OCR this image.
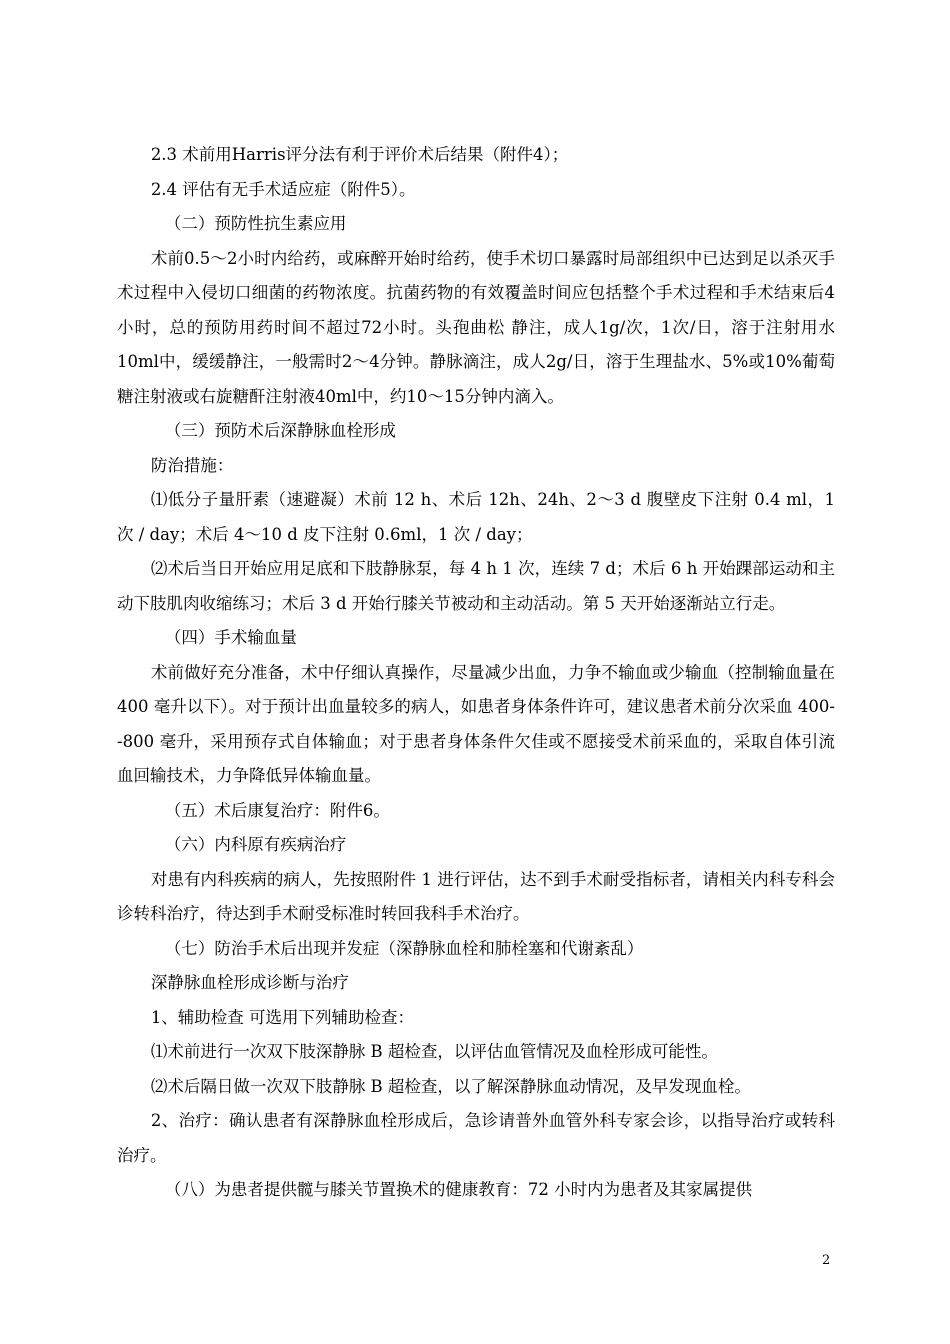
2.3 术前用Harris评分法有利于评价术后结果（附件4）；

2.4 评估有无手术适应症（附件5）。

（二）预防性抗生素应用

术前0.5～2小时内给药，或麻醉开始时给药，使手术切口暴露时局部组织中已达到足以杀灭手术过程中入侵切口细菌的药物浓度。抗菌药物的有效覆盖时间应包括整个手术过程和手术结束后4小时，总的预防用药时间不超过72小时。头孢曲松 静注，成人1g/次，1次/日，溶于注射用水10ml中，缓缓静注，一般需时2～4分钟。静脉滴注，成人2g/日，溶于生理盐水、5%或10%葡萄糖注射液或右旋糖酐注射液40ml中，约10～15分钟内滴入。

（三）预防术后深静脉血栓形成

防治措施：

⑴低分子量肝素（速避凝）术前 12 h、术后 12h、24h、2～3 d 腹壁皮下注射 0.4 ml，1 次 / day；术后 4～10 d 皮下注射 0.6ml，1 次 / day；

⑵术后当日开始应用足底和下肢静脉泵，每 4 h 1 次，连续 7 d；术后 6 h 开始踝部运动和主动下肢肌肉收缩练习；术后 3 d 开始行膝关节被动和主动活动。第 5 天开始逐渐站立行走。

（四）手术输血量

术前做好充分准备，术中仔细认真操作，尽量减少出血，力争不输血或少输血（控制输血量在 400 毫升以下）。对于预计出血量较多的病人，如患者身体条件许可，建议患者术前分次采血 400--800 毫升，采用预存式自体输血；对于患者身体条件欠佳或不愿接受术前采血的，采取自体引流血回输技术，力争降低异体输血量。

（五）术后康复治疗：附件6。

（六）内科原有疾病治疗

对患有内科疾病的病人，先按照附件 1 进行评估，达不到手术耐受指标者，请相关内科专科会诊转科治疗，待达到手术耐受标准时转回我科手术治疗。

（七）防治手术后出现并发症（深静脉血栓和肺栓塞和代谢紊乱）

深静脉血栓形成诊断与治疗

1、辅助检查 可选用下列辅助检查：

⑴术前进行一次双下肢深静脉 B 超检查，以评估血管情况及血栓形成可能性。

⑵术后隔日做一次双下肢静脉 B 超检查，以了解深静脉血动情况，及早发现血栓。

2、治疗：确认患者有深静脉血栓形成后，急诊请普外血管外科专家会诊，以指导治疗或转科治疗。

（八）为患者提供髋与膝关节置换术的健康教育：72 小时内为患者及其家属提供

2
